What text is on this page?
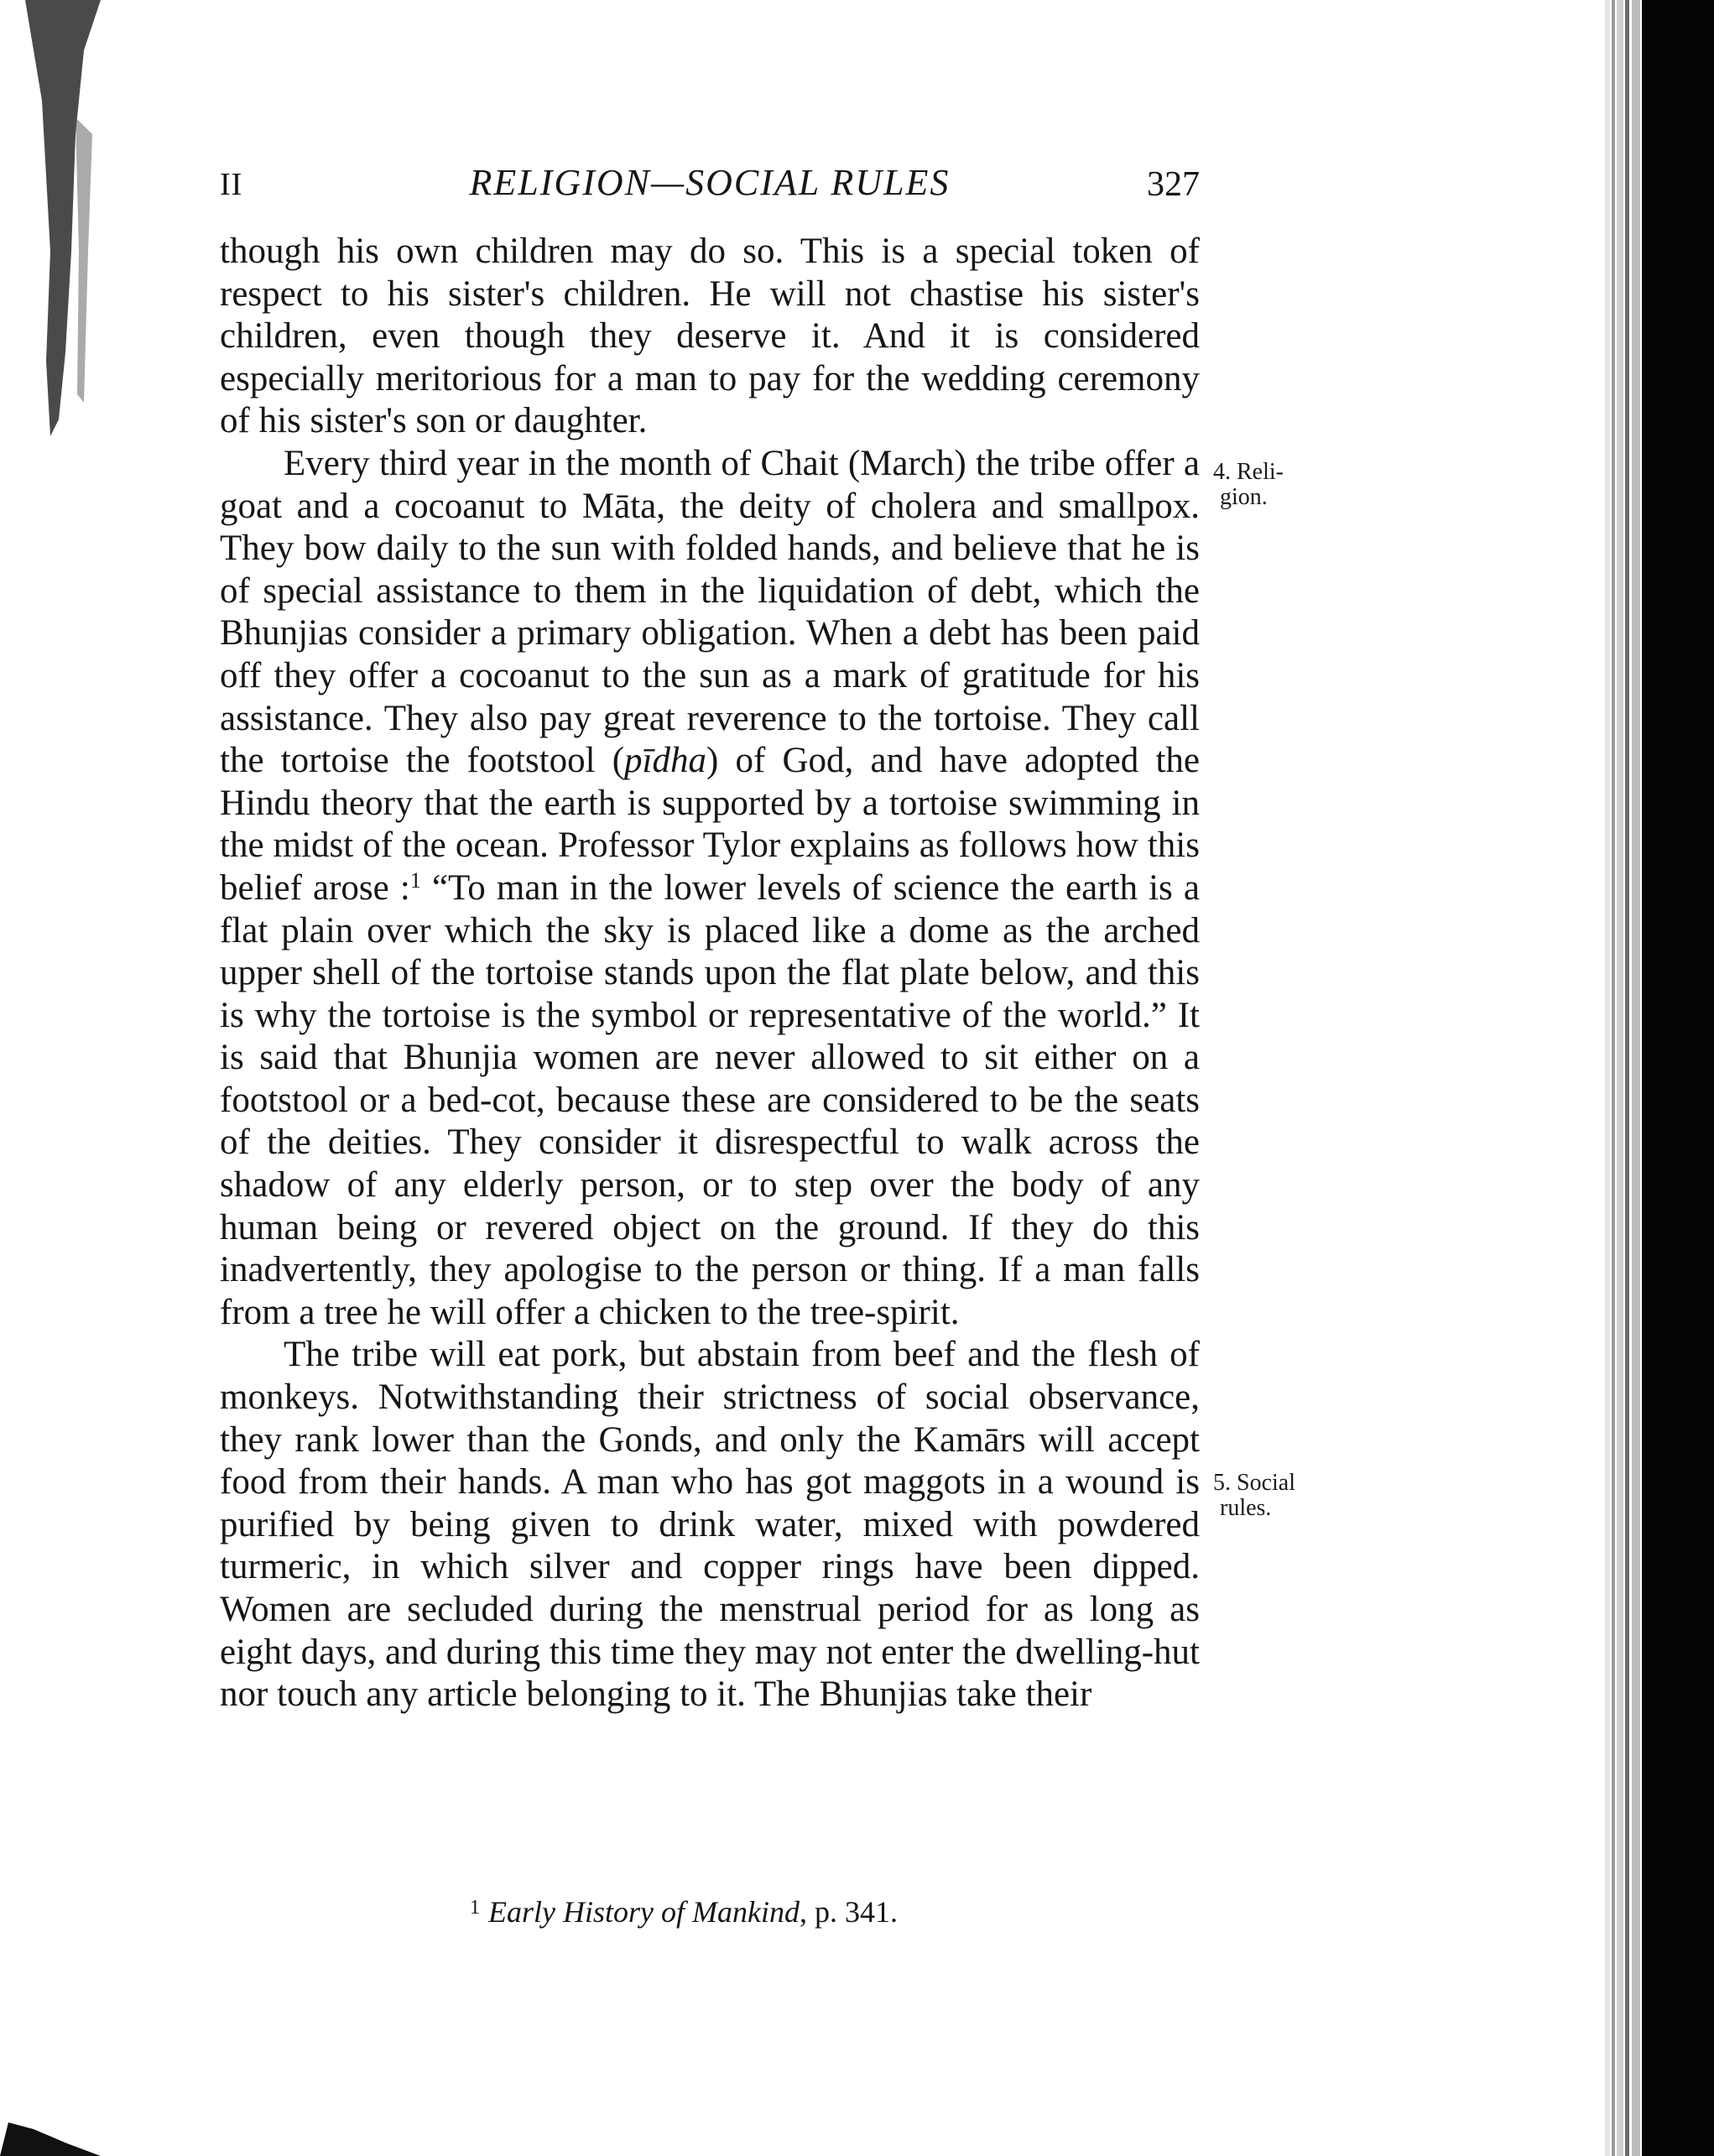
II	RELIGION—SOCIAL RULES	327

though his own children may do so. This is a special token of respect to his sister's children. He will not chastise his sister's children, even though they deserve it. And it is considered especially meritorious for a man to pay for the wedding ceremony of his sister's son or daughter.

Every third year in the month of Chait (March) the tribe offer a goat and a cocoanut to Māta, the deity of cholera and smallpox. They bow daily to the sun with folded hands, and believe that he is of special assistance to them in the liquidation of debt, which the Bhunjias consider a primary obligation. When a debt has been paid off they offer a cocoanut to the sun as a mark of gratitude for his assistance. They also pay great reverence to the tortoise. They call the tortoise the footstool (pīdha) of God, and have adopted the Hindu theory that the earth is supported by a tortoise swimming in the midst of the ocean. Professor Tylor explains as follows how this belief arose :$^1$ “To man in the lower levels of science the earth is a flat plain over which the sky is placed like a dome as the arched upper shell of the tortoise stands upon the flat plate below, and this is why the tortoise is the symbol or representative of the world.” It is said that Bhunjia women are never allowed to sit either on a footstool or a bed-cot, because these are considered to be the seats of the deities. They consider it disrespectful to walk across the shadow of any elderly person, or to step over the body of any human being or revered object on the ground. If they do this inadvertently, they apologise to the person or thing. If a man falls from a tree he will offer a chicken to the tree-spirit.

The tribe will eat pork, but abstain from beef and the flesh of monkeys. Notwithstanding their strictness of social observance, they rank lower than the Gonds, and only the Kamārs will accept food from their hands. A man who has got maggots in a wound is purified by being given to drink water, mixed with powdered turmeric, in which silver and copper rings have been dipped. Women are secluded during the menstrual period for as long as eight days, and during this time they may not enter the dwelling-hut nor touch any article belonging to it. The Bhunjias take their

4. Reli-
gion.
5. Social
rules.
$^1$ Early History of Mankind, p. 341.
